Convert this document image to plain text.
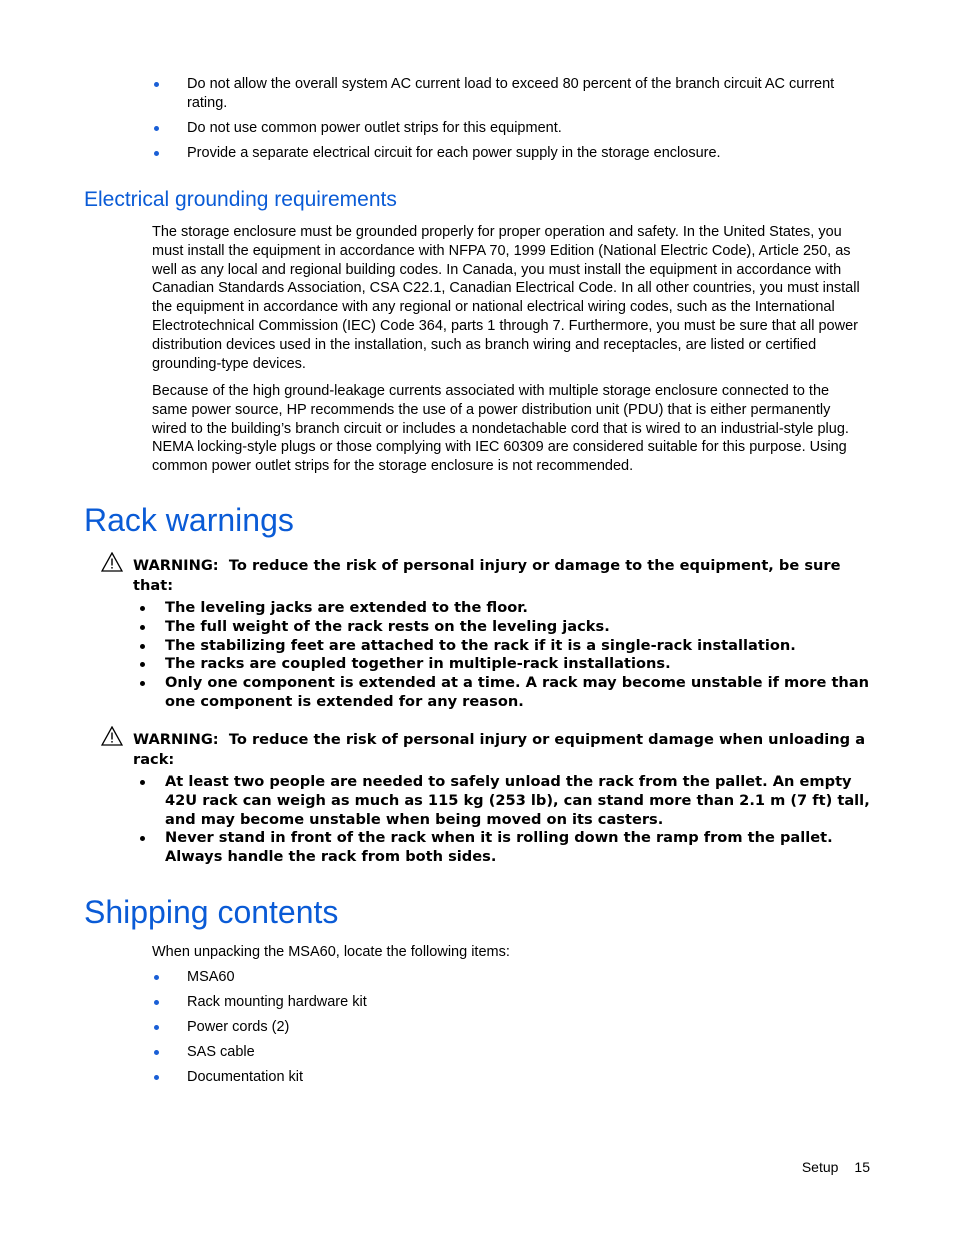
Do not allow the overall system AC current load to exceed 80 percent of the branch circuit AC current rating.
Do not use common power outlet strips for this equipment.
Provide a separate electrical circuit for each power supply in the storage enclosure.
Electrical grounding requirements

The storage enclosure must be grounded properly for proper operation and safety. In the United States, you must install the equipment in accordance with NFPA 70, 1999 Edition (National Electric Code), Article 250, as well as any local and regional building codes. In Canada, you must install the equipment in accordance with Canadian Standards Association, CSA C22.1, Canadian Electrical Code. In all other countries, you must install the equipment in accordance with any regional or national electrical wiring codes, such as the International Electrotechnical Commission (IEC) Code 364, parts 1 through 7. Furthermore, you must be sure that all power distribution devices used in the installation, such as branch wiring and receptacles, are listed or certified grounding-type devices.

Because of the high ground-leakage currents associated with multiple storage enclosure connected to the same power source, HP recommends the use of a power distribution unit (PDU) that is either permanently wired to the building’s branch circuit or includes a nondetachable cord that is wired to an industrial-style plug. NEMA locking-style plugs or those complying with IEC 60309 are considered suitable for this purpose. Using common power outlet strips for the storage enclosure is not recommended.

Rack warnings
WARNING: To reduce the risk of personal injury or damage to the equipment, be sure that:
The leveling jacks are extended to the floor.
The full weight of the rack rests on the leveling jacks.
The stabilizing feet are attached to the rack if it is a single-rack installation.
The racks are coupled together in multiple-rack installations.
Only one component is extended at a time. A rack may become unstable if more than one component is extended for any reason.
WARNING: To reduce the risk of personal injury or equipment damage when unloading a rack:
At least two people are needed to safely unload the rack from the pallet. An empty 42U rack can weigh as much as 115 kg (253 lb), can stand more than 2.1 m (7 ft) tall, and may become unstable when being moved on its casters.
Never stand in front of the rack when it is rolling down the ramp from the pallet. Always handle the rack from both sides.
Shipping contents

When unpacking the MSA60, locate the following items:

MSA60
Rack mounting hardware kit
Power cords (2)
SAS cable
Documentation kit
Setup 15
